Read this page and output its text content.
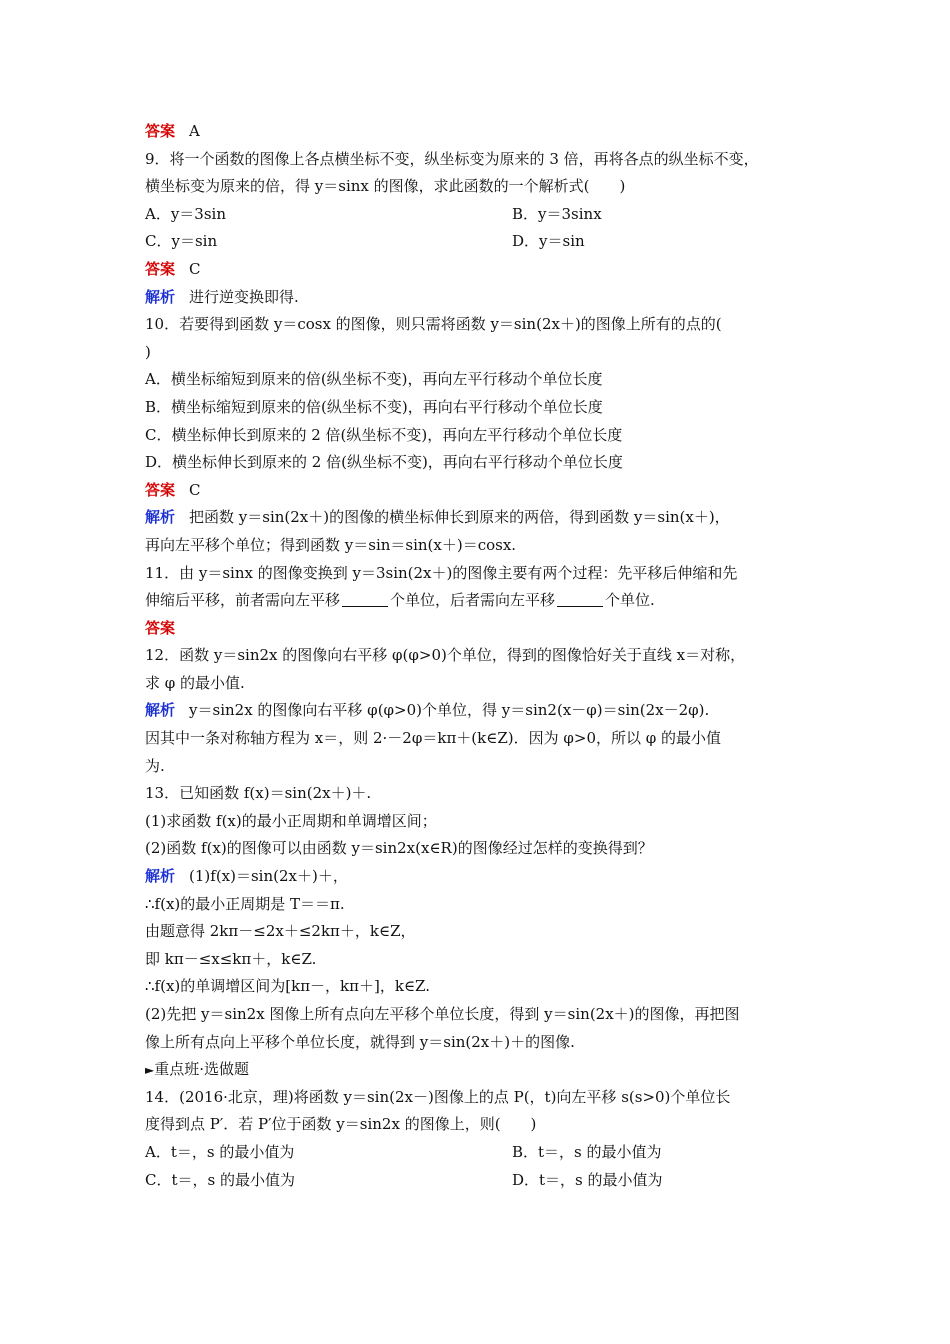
答案 A
9．将一个函数的图像上各点横坐标不变，纵坐标变为原来的 3 倍，再将各点的纵坐标不变，
横坐标变为原来的倍，得 y＝sinx 的图像，求此函数的一个解析式(　　)
A．y＝3sin	B．y＝3sinx
C．y＝sin	D．y＝sin
答案 C
解析 进行逆变换即得.
10．若要得到函数 y＝cosx 的图像，则只需将函数 y＝sin(2x＋)的图像上所有的点的(
)
A．横坐标缩短到原来的倍(纵坐标不变)，再向左平行移动个单位长度
B．横坐标缩短到原来的倍(纵坐标不变)，再向右平行移动个单位长度
C．横坐标伸长到原来的 2 倍(纵坐标不变)，再向左平行移动个单位长度
D．横坐标伸长到原来的 2 倍(纵坐标不变)，再向右平行移动个单位长度
答案 C
解析 把函数 y＝sin(2x＋)的图像的横坐标伸长到原来的两倍，得到函数 y＝sin(x＋)，
再向左平移个单位；得到函数 y＝sin＝sin(x＋)＝cosx.
11．由 y＝sinx 的图像变换到 y＝3sin(2x＋)的图像主要有两个过程：先平移后伸缩和先
伸缩后平移，前者需向左平移	个单位，后者需向左平移	个单位.
答案
12．函数 y＝sin2x 的图像向右平移 φ(φ>0)个单位，得到的图像恰好关于直线 x＝对称，
求 φ 的最小值.
解析 y＝sin2x 的图像向右平移 φ(φ>0)个单位，得 y＝sin2(x－φ)＝sin(2x－2φ).
因其中一条对称轴方程为 x＝，则 2·－2φ＝kπ＋(k∈Z)．因为 φ>0，所以 φ 的最小值
为.
13．已知函数 f(x)＝sin(2x＋)＋.
(1)求函数 f(x)的最小正周期和单调增区间；
(2)函数 f(x)的图像可以由函数 y＝sin2x(x∈R)的图像经过怎样的变换得到？
解析 (1)f(x)＝sin(2x＋)＋，
∴f(x)的最小正周期是 T＝＝π.
由题意得 2kπ－≤2x＋≤2kπ＋，k∈Z，
即 kπ－≤x≤kπ＋，k∈Z.
∴f(x)的单调增区间为[kπ－，kπ＋]，k∈Z.
(2)先把 y＝sin2x 图像上所有点向左平移个单位长度，得到 y＝sin(2x＋)的图像，再把图
像上所有点向上平移个单位长度，就得到 y＝sin(2x＋)＋的图像.
►重点班·选做题
14．(2016·北京，理)将函数 y＝sin(2x－)图像上的点 P(，t)向左平移 s(s>0)个单位长
度得到点 P′．若 P′位于函数 y＝sin2x 的图像上，则(　　)
A．t＝，s 的最小值为	B．t＝，s 的最小值为
C．t＝，s 的最小值为	D．t＝，s 的最小值为
